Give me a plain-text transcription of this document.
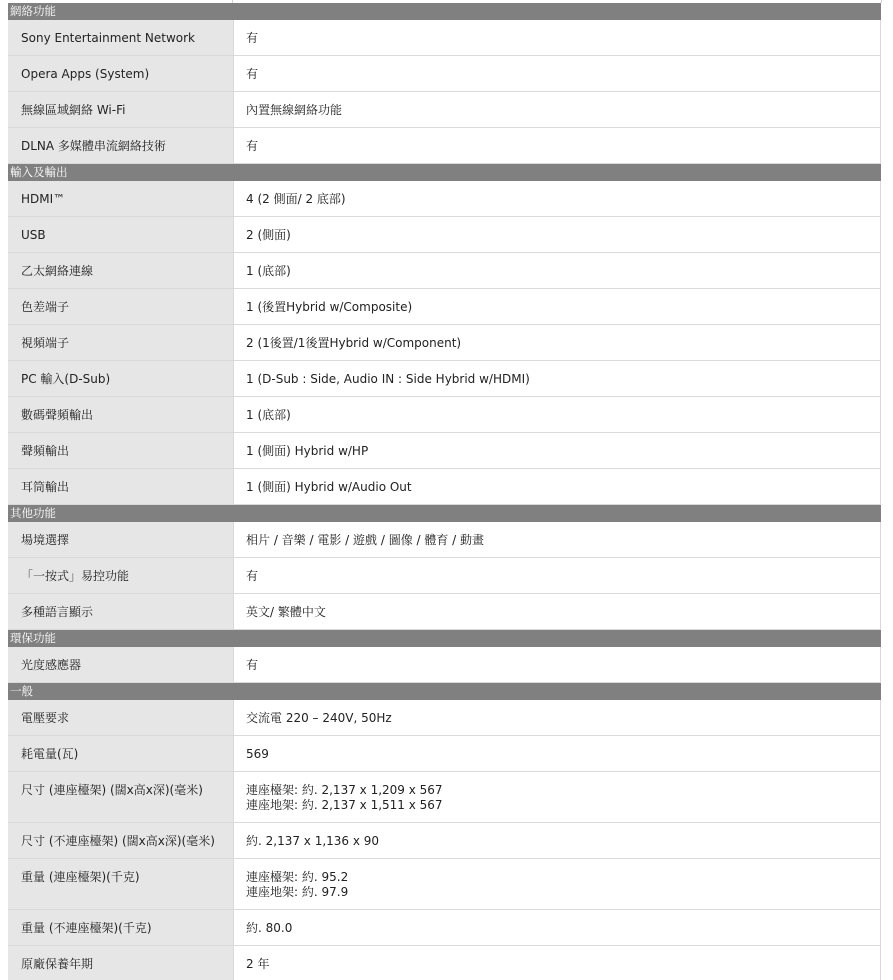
網絡功能
Sony Entertainment Network	有
Opera Apps (System)	有
無線區域網絡 Wi-Fi	內置無線網絡功能
DLNA 多媒體串流網絡技術	有
輸入及輸出
HDMI™	4 (2 側面/ 2 底部)
USB	2 (側面)
乙太網絡連線	1 (底部)
色差端子	1 (後置Hybrid w/Composite)
視頻端子	2 (1後置/1後置Hybrid w/Component)
PC 輸入(D-Sub)	1 (D-Sub : Side, Audio IN : Side Hybrid w/HDMI)
數碼聲頻輸出	1 (底部)
聲頻輸出	1 (側面) Hybrid w/HP
耳筒輸出	1 (側面) Hybrid w/Audio Out
其他功能
場境選擇	相片 / 音樂 / 電影 / 遊戲 / 圖像 / 體育 / 動畫
「一按式」易控功能	有
多種語言顯示	英文/ 繁體中文
環保功能
光度感應器	有
一般
電壓要求	交流電 220 – 240V, 50Hz
耗電量(瓦)	569
尺寸 (連座檯架) (闊x高x深)(毫米)	連座檯架: 約. 2,137 x 1,209 x 567
連座地架: 約. 2,137 x 1,511 x 567
尺寸 (不連座檯架) (闊x高x深)(毫米)	約. 2,137 x 1,136 x 90
重量 (連座檯架)(千克)	連座檯架: 約. 95.2
連座地架: 約. 97.9
重量 (不連座檯架)(千克)	約. 80.0
原廠保養年期	2 年
